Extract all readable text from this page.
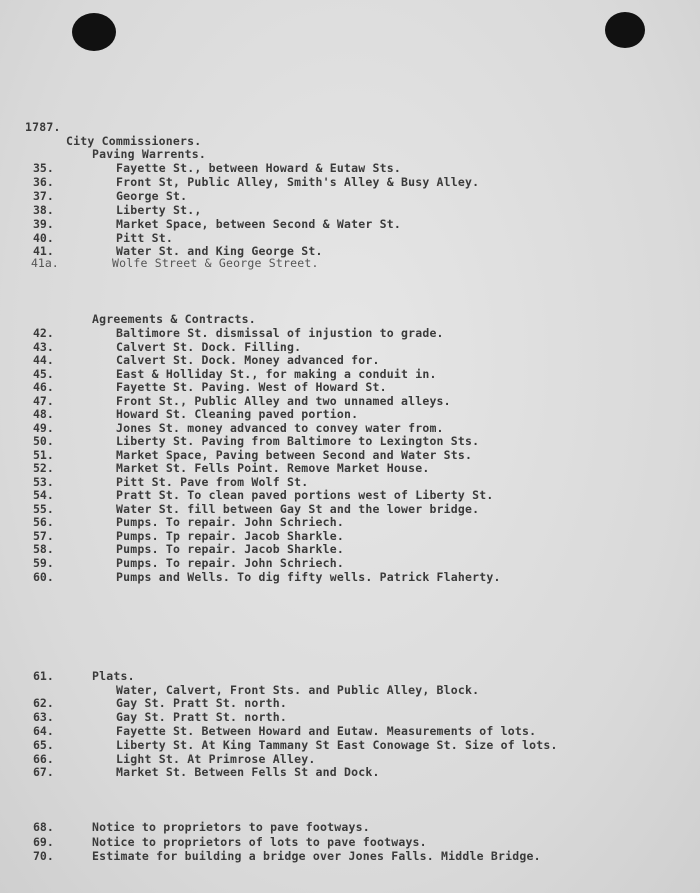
1787.
City Commissioners.
Paving Warrents.
35.	Fayette St., between Howard & Eutaw Sts.
36.	Front St, Public Alley, Smith's Alley & Busy Alley.
37.	George St.
38.	Liberty St.,
39.	Market Space, between Second & Water St.
40.	Pitt St.
41.	Water St. and King George St.
41a.	Wolfe Street & George Street.
Agreements & Contracts.
42.	Baltimore St. dismissal of injustion to grade.
43.	Calvert St. Dock. Filling.
44.	Calvert St. Dock. Money advanced for.
45.	East & Holliday St., for making a conduit in.
46.	Fayette St. Paving. West of Howard St.
47.	Front St., Public Alley and two unnamed alleys.
48.	Howard St. Cleaning paved portion.
49.	Jones St. money advanced to convey water from.
50.	Liberty St. Paving from Baltimore to Lexington Sts.
51.	Market Space, Paving between Second and Water Sts.
52.	Market St. Fells Point. Remove Market House.
53.	Pitt St. Pave from Wolf St.
54.	Pratt St. To clean paved portions west of Liberty St.
55.	Water St. fill between Gay St and the lower bridge.
56.	Pumps. To repair. John Schriech.
57.	Pumps. Tp repair. Jacob Sharkle.
58.	Pumps. To repair. Jacob Sharkle.
59.	Pumps. To repair. John Schriech.
60.	Pumps and Wells. To dig fifty wells. Patrick Flaherty.
61.	Plats.
Water, Calvert, Front Sts. and Public Alley, Block.
62.	Gay St. Pratt St. north.
63.	Gay St. Pratt St. north.
64.	Fayette St. Between Howard and Eutaw. Measurements of lots.
65.	Liberty St. At King Tammany St East Conowage St. Size of lots.
66.	Light St. At Primrose Alley.
67.	Market St. Between Fells St and Dock.
68.	Notice to proprietors to pave footways.
69.	Notice to proprietors of lots to pave footways.
70.	Estimate for building a bridge over Jones Falls. Middle Bridge.
